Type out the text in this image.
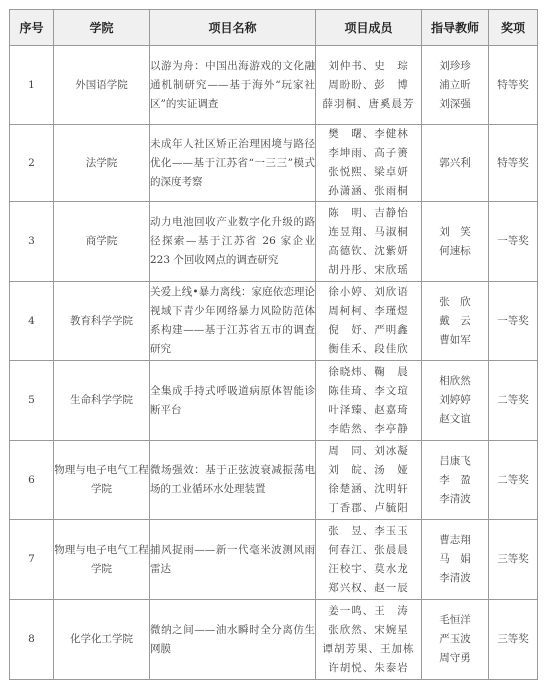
序号	学院	项目名称	项目成员	指导教师	奖项
1	外国语学院	以游为舟：中国出海游戏的文化融通机制研究——基于海外“玩家社区”的实证调查	刘仲书、史　琮
周盼盼、彭　博
薛羽桐、唐奚晨芳	刘珍珍
浦立昕
刘深强	特等奖
2	法学院	未成年人社区矫正治理困境与路径优化——基于江苏省“一三三”模式的深度考察	樊　曙、李健林
李坤雨、高子箦
张悦熙、梁卓妍
孙潇涵、张雨桐	郭兴利	特等奖
3	商学院	动力电池回收产业数字化升级的路径探索—基于江苏省 26 家企业 223 个回收网点的调查研究	陈　明、吉静怡
连昱翔、马淑桐
高德钦、沈紫妍
胡丹彤、宋欣瑶	刘　笑
何速标	一等奖
4	教育科学学院	关爱上线•暴力离线：家庭依恋理论视域下青少年网络暴力风险防范体系构建——基于江苏省五市的调查研究	徐小婷、刘欣语
周柯柯、李瑾煜
倪　妤、严明鑫
衡佳禾、段佳欣	张　欣
戴　云
曹如军	一等奖
5	生命科学学院	全集成手持式呼吸道病原体智能诊断平台	徐晓炜、鞠　晨
陈佳琦、李文瑄
叶泽臻、赵嘉琦
李皓然、李亭静	相欣然
刘婷婷
赵文谊	二等奖
6	物理与电子电气工程学院	微场强效：基于正弦波衰减振荡电场的工业循环水处理装置	周　同、刘冰凝
刘　皖、汤　娅
徐楚涵、沈明轩
丁香郡、卢毓阳	吕康飞
李　盈
李清波	二等奖
7	物理与电子电气工程学院	捕风捉雨——新一代毫米波测风雨雷达	张　昱、李玉玉
何春江、张晨晨
汪校宇、莫水龙
郑兴权、赵一辰	曹志翔
马　娟
李清波	三等奖
8	化学化工学院	微纳之间——油水瞬时全分离仿生网膜	姜一鸣、王　涛
张欣然、宋婉星
谭胡芳果、王加栋
许胡悦、朱泰岩	毛恒洋
严玉波
周守勇	三等奖
